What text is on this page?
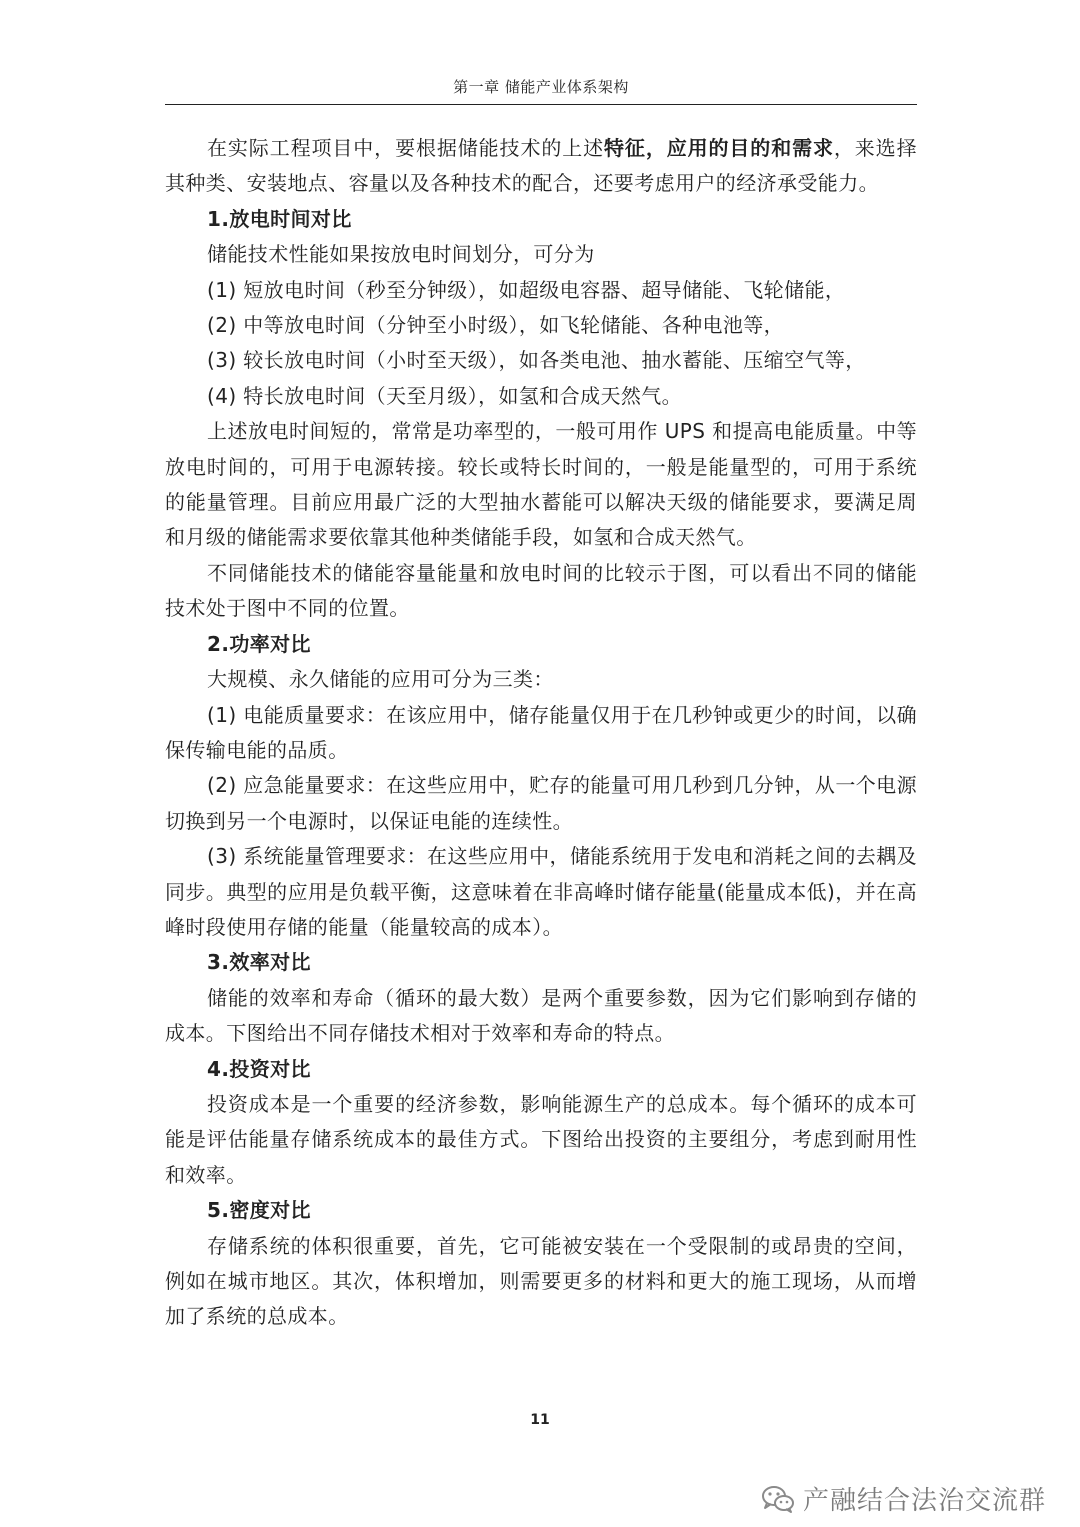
第一章 储能产业体系架构

在实际工程项目中，要根据储能技术的上述特征，应用的目的和需求，来选择其种类、安装地点、容量以及各种技术的配合，还要考虑用户的经济承受能力。

1.放电时间对比

储能技术性能如果按放电时间划分，可分为

(1) 短放电时间（秒至分钟级），如超级电容器、超导储能、飞轮储能，

(2) 中等放电时间（分钟至小时级），如飞轮储能、各种电池等，

(3) 较长放电时间（小时至天级），如各类电池、抽水蓄能、压缩空气等，

(4) 特长放电时间（天至月级），如氢和合成天然气。

上述放电时间短的，常常是功率型的，一般可用作 UPS 和提高电能质量。中等放电时间的，可用于电源转接。较长或特长时间的，一般是能量型的，可用于系统的能量管理。目前应用最广泛的大型抽水蓄能可以解决天级的储能要求，要满足周和月级的储能需求要依靠其他种类储能手段，如氢和合成天然气。

不同储能技术的储能容量能量和放电时间的比较示于图，可以看出不同的储能技术处于图中不同的位置。

2.功率对比

大规模、永久储能的应用可分为三类：

(1) 电能质量要求：在该应用中，储存能量仅用于在几秒钟或更少的时间，以确保传输电能的品质。

(2) 应急能量要求：在这些应用中，贮存的能量可用几秒到几分钟，从一个电源切换到另一个电源时，以保证电能的连续性。

(3) 系统能量管理要求：在这些应用中，储能系统用于发电和消耗之间的去耦及同步。典型的应用是负载平衡，这意味着在非高峰时储存能量(能量成本低)，并在高峰时段使用存储的能量（能量较高的成本）。

3.效率对比

储能的效率和寿命（循环的最大数）是两个重要参数，因为它们影响到存储的成本。下图给出不同存储技术相对于效率和寿命的特点。

4.投资对比

投资成本是一个重要的经济参数，影响能源生产的总成本。每个循环的成本可能是评估能量存储系统成本的最佳方式。下图给出投资的主要组分，考虑到耐用性和效率。

5.密度对比

存储系统的体积很重要，首先，它可能被安装在一个受限制的或昂贵的空间，例如在城市地区。其次，体积增加，则需要更多的材料和更大的施工现场，从而增加了系统的总成本。

11
产融结合法治交流群
